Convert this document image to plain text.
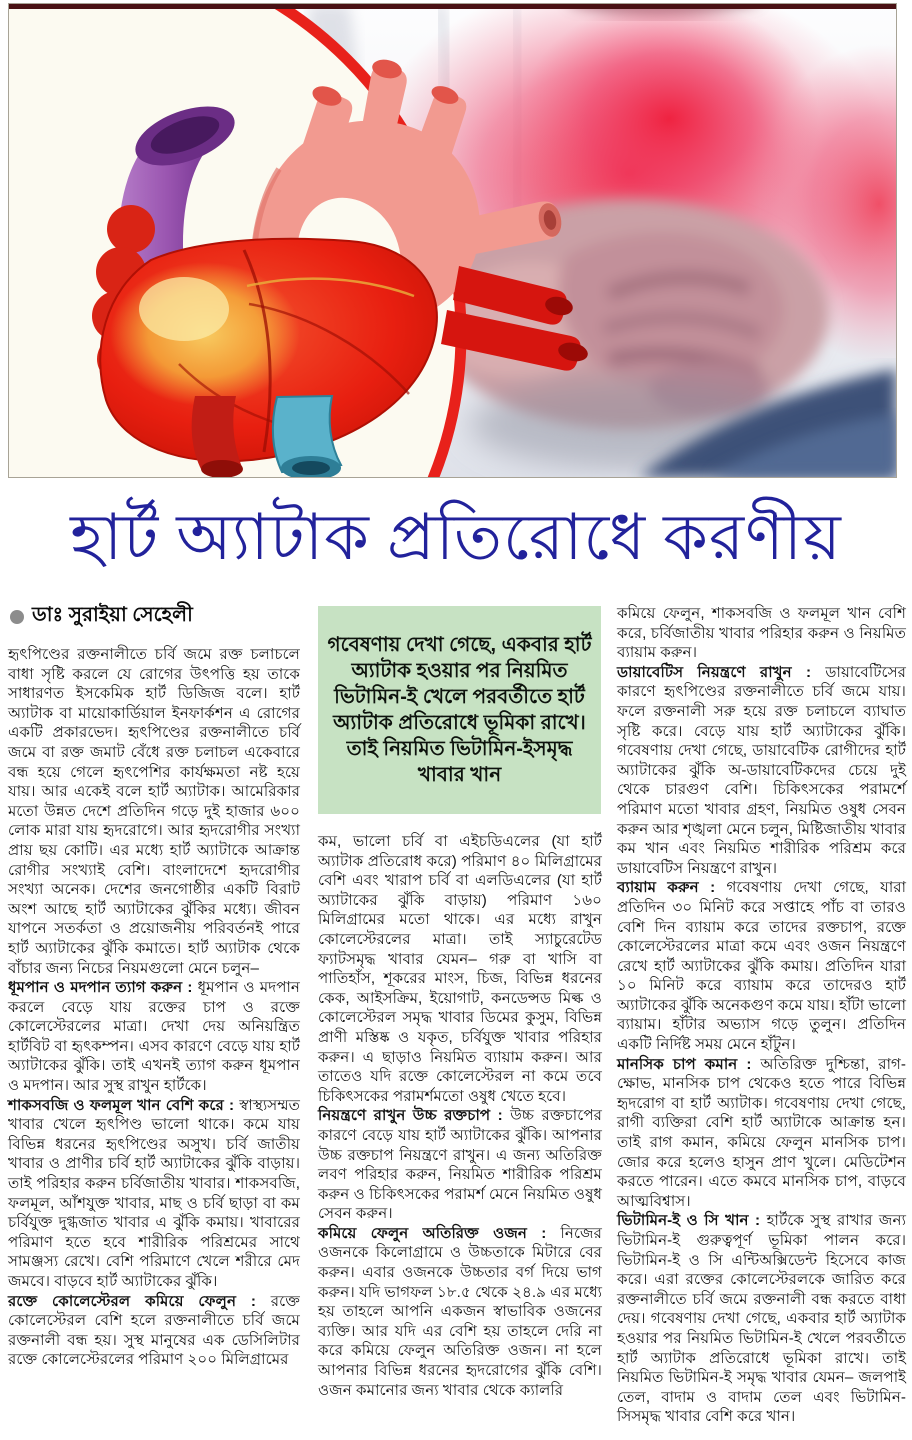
হার্ট অ্যাটাক প্রতিরোধে করণীয়
ডাঃ সুরাইয়া সেহেলী

হৃৎপিণ্ডের রক্তনালীতে চর্বি জমে রক্ত চলাচলে বাধা সৃষ্টি করলে যে রোগের উৎপত্তি হয় তাকে সাধারণত ইসকেমিক হার্ট ডিজিজ বলে। হার্ট অ্যাটাক বা মায়োকার্ডিয়াল ইনফার্কশন এ রোগের একটি প্রকারভেদ। হৃৎপিণ্ডের রক্তনালীতে চর্বি জমে বা রক্ত জমাট বেঁধে রক্ত চলাচল একেবারে বন্ধ হয়ে গেলে হৃৎপেশির কার্যক্ষমতা নষ্ট হয়ে যায়। আর একেই বলে হার্ট অ্যাটাক। আমেরিকার মতো উন্নত দেশে প্রতিদিন গড়ে দুই হাজার ৬০০ লোক মারা যায় হৃদরোগে। আর হৃদরোগীর সংখ্যা প্রায় ছয় কোটি। এর মধ্যে হার্ট অ্যাটাকে আক্রান্ত রোগীর সংখ্যাই বেশি। বাংলাদেশে হৃদরোগীর সংখ্যা অনেক। দেশের জনগোষ্ঠীর একটি বিরাট অংশ আছে হার্ট অ্যাটাকের ঝুঁকির মধ্যে। জীবন যাপনে সতর্কতা ও প্রয়োজনীয় পরিবর্তনই পারে হার্ট অ্যাটাকের ঝুঁকি কমাতে। হার্ট অ্যাটাক থেকে বাঁচার জন্য নিচের নিয়মগুলো মেনে চলুন–

ধূমপান ও মদপান ত্যাগ করুন : ধূমপান ও মদপান করলে বেড়ে যায় রক্তের চাপ ও রক্তে কোলেস্টেরলের মাত্রা। দেখা দেয় অনিয়ন্ত্রিত হার্টবিট বা হৃৎকম্পন। এসব কারণে বেড়ে যায় হার্ট অ্যাটাকের ঝুঁকি। তাই এখনই ত্যাগ করুন ধূমপান ও মদপান। আর সুস্থ রাখুন হার্টকে।

শাকসবজি ও ফলমূল খান বেশি করে : স্বাস্থ্যসম্মত খাবার খেলে হৃৎপিণ্ড ভালো থাকে। কমে যায় বিভিন্ন ধরনের হৃৎপিণ্ডের অসুখ। চর্বি জাতীয় খাবার ও প্রাণীর চর্বি হার্ট অ্যাটাকের ঝুঁকি বাড়ায়। তাই পরিহার করুন চর্বিজাতীয় খাবার। শাকসবজি, ফলমূল, আঁশযুক্ত খাবার, মাছ ও চর্বি ছাড়া বা কম চর্বিযুক্ত দুগ্ধজাত খাবার এ ঝুঁকি কমায়। খাবারের পরিমাণ হতে হবে শারীরিক পরিশ্রমের সাথে সামঞ্জস্য রেখে। বেশি পরিমাণে খেলে শরীরে মেদ জমবে। বাড়বে হার্ট অ্যাটাকের ঝুঁকি।

রক্তে কোলেস্টেরল কমিয়ে ফেলুন : রক্তে কোলেস্টেরল বেশি হলে রক্তনালীতে চর্বি জমে রক্তনালী বন্ধ হয়। সুস্থ মানুষের এক ডেসিলিটার রক্তে কোলেস্টেরলের পরিমাণ ২০০ মিলিগ্রামের

গবেষণায় দেখা গেছে, একবার হার্ট অ্যাটাক হওয়ার পর নিয়মিত ভিটামিন-ই খেলে পরবর্তীতে হার্ট অ্যাটাক প্রতিরোধে ভূমিকা রাখে। তাই নিয়মিত ভিটামিন-ইসমৃদ্ধ খাবার খান

কম, ভালো চর্বি বা এইচডিএলের (যা হার্ট অ্যাটাক প্রতিরোধ করে) পরিমাণ ৪০ মিলিগ্রামের বেশি এবং খারাপ চর্বি বা এলডিএলের (যা হার্ট অ্যাটাকের ঝুঁকি বাড়ায়) পরিমাণ ১৬০ মিলিগ্রামের মতো থাকে। এর মধ্যে রাখুন কোলেস্টেরলের মাত্রা। তাই স্যাচুরেটেড ফ্যাটসমৃদ্ধ খাবার যেমন– গরু বা খাসি বা পাতিহাঁস, শূকরের মাংস, চিজ, বিভিন্ন ধরনের কেক, আইসক্রিম, ইয়োগাট, কনডেন্সড মিল্ক ও কোলেস্টেরল সমৃদ্ধ খাবার ডিমের কুসুম, বিভিন্ন প্রাণী মস্তিষ্ক ও যকৃত, চর্বিযুক্ত খাবার পরিহার করুন। এ ছাড়াও নিয়মিত ব্যায়াম করুন। আর তাতেও যদি রক্তে কোলেস্টেরল না কমে তবে চিকিৎসকের পরামর্শমতো ওষুধ খেতে হবে।

নিয়ন্ত্রণে রাখুন উচ্চ রক্তচাপ : উচ্চ রক্তচাপের কারণে বেড়ে যায় হার্ট অ্যাটাকের ঝুঁকি। আপনার উচ্চ রক্তচাপ নিয়ন্ত্রণে রাখুন। এ জন্য অতিরিক্ত লবণ পরিহার করুন, নিয়মিত শারীরিক পরিশ্রম করুন ও চিকিৎসকের পরামর্শ মেনে নিয়মিত ওষুধ সেবন করুন।

কমিয়ে ফেলুন অতিরিক্ত ওজন : নিজের ওজনকে কিলোগ্রামে ও উচ্চতাকে মিটারে বের করুন। এবার ওজনকে উচ্চতার বর্গ দিয়ে ভাগ করুন। যদি ভাগফল ১৮.৫ থেকে ২৪.৯ এর মধ্যে হয় তাহলে আপনি একজন স্বাভাবিক ওজনের ব্যক্তি। আর যদি এর বেশি হয় তাহলে দেরি না করে কমিয়ে ফেলুন অতিরিক্ত ওজন। না হলে আপনার বিভিন্ন ধরনের হৃদরোগের ঝুঁকি বেশি। ওজন কমানোর জন্য খাবার থেকে ক্যালরি

কমিয়ে ফেলুন, শাকসবজি ও ফলমূল খান বেশি করে, চর্বিজাতীয় খাবার পরিহার করুন ও নিয়মিত ব্যায়াম করুন।

ডায়াবেটিস নিয়ন্ত্রণে রাখুন : ডায়াবেটিসের কারণে হৃৎপিণ্ডের রক্তনালীতে চর্বি জমে যায়। ফলে রক্তনালী সরু হয়ে রক্ত চলাচলে ব্যাঘাত সৃষ্টি করে। বেড়ে যায় হার্ট অ্যাটাকের ঝুঁকি। গবেষণায় দেখা গেছে, ডায়াবেটিক রোগীদের হার্ট অ্যাটাকের ঝুঁকি অ-ডায়াবেটিকদের চেয়ে দুই থেকে চারগুণ বেশি। চিকিৎসকের পরামর্শে পরিমাণ মতো খাবার গ্রহণ, নিয়মিত ওষুধ সেবন করুন আর শৃঙ্খলা মেনে চলুন, মিষ্টিজাতীয় খাবার কম খান এবং নিয়মিত শারীরিক পরিশ্রম করে ডায়াবেটিস নিয়ন্ত্রণে রাখুন।

ব্যায়াম করুন : গবেষণায় দেখা গেছে, যারা প্রতিদিন ৩০ মিনিট করে সপ্তাহে পাঁচ বা তারও বেশি দিন ব্যায়াম করে তাদের রক্তচাপ, রক্তে কোলেস্টেরলের মাত্রা কমে এবং ওজন নিয়ন্ত্রণে রেখে হার্ট অ্যাটাকের ঝুঁকি কমায়। প্রতিদিন যারা ১০ মিনিট করে ব্যায়াম করে তাদেরও হার্ট অ্যাটাকের ঝুঁকি অনেকগুণ কমে যায়। হাঁটা ভালো ব্যায়াম। হাঁটার অভ্যাস গড়ে তুলুন। প্রতিদিন একটি নির্দিষ্ট সময় মেনে হাঁটুন।

মানসিক চাপ কমান : অতিরিক্ত দুশ্চিন্তা, রাগ-ক্ষোভ, মানসিক চাপ থেকেও হতে পারে বিভিন্ন হৃদরোগ বা হার্ট অ্যাটাক। গবেষণায় দেখা গেছে, রাগী ব্যক্তিরা বেশি হার্ট অ্যাটাকে আক্রান্ত হন। তাই রাগ কমান, কমিয়ে ফেলুন মানসিক চাপ। জোর করে হলেও হাসুন প্রাণ খুলে। মেডিটেশন করতে পারেন। এতে কমবে মানসিক চাপ, বাড়বে আত্মবিশ্বাস।

ভিটামিন-ই ও সি খান : হার্টকে সুস্থ রাখার জন্য ভিটামিন-ই গুরুত্বপূর্ণ ভূমিকা পালন করে। ভিটামিন-ই ও সি এন্টিঅক্সিডেন্ট হিসেবে কাজ করে। এরা রক্তের কোলেস্টেরলকে জারিত করে রক্তনালীতে চর্বি জমে রক্তনালী বন্ধ করতে বাধা দেয়। গবেষণায় দেখা গেছে, একবার হার্ট অ্যাটাক হওয়ার পর নিয়মিত ভিটামিন-ই খেলে পরবর্তীতে হার্ট অ্যাটাক প্রতিরোধে ভূমিকা রাখে। তাই নিয়মিত ভিটামিন-ই সমৃদ্ধ খাবার যেমন– জলপাই তেল, বাদাম ও বাদাম তেল এবং ভিটামিন-সিসমৃদ্ধ খাবার বেশি করে খান।
